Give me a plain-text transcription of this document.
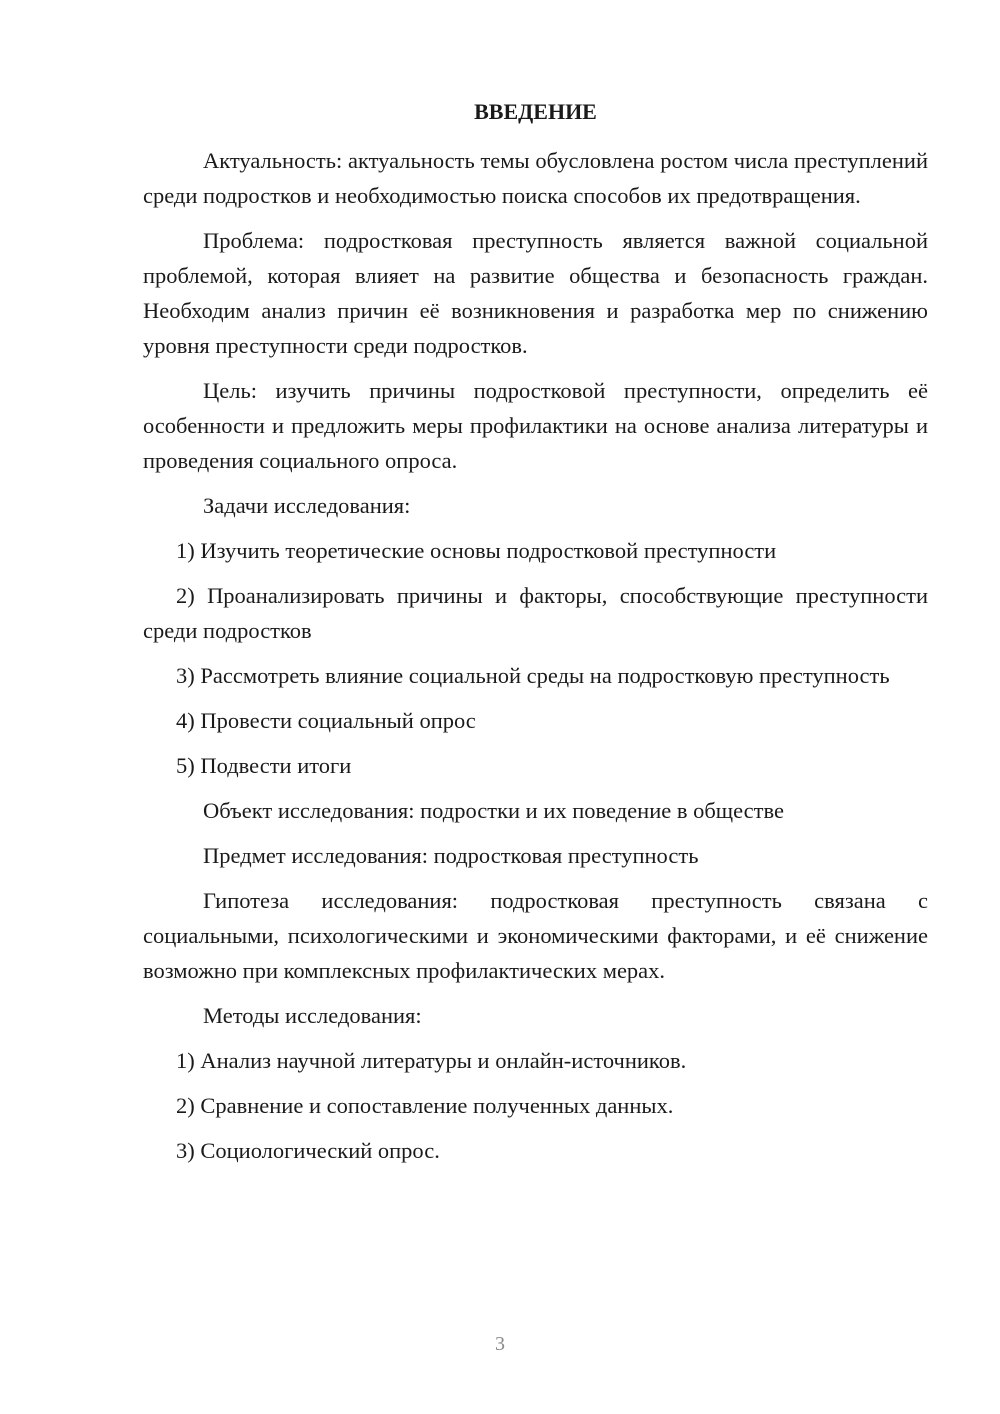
ВВЕДЕНИЕ

Актуальность: актуальность темы обусловлена ростом числа преступлений среди подростков и необходимостью поиска способов их предотвращения.

Проблема: подростковая преступность является важной социальной проблемой, которая влияет на развитие общества и безопасность граждан. Необходим анализ причин её возникновения и разработка мер по снижению уровня преступности среди подростков.

Цель: изучить причины подростковой преступности, определить её особенности и предложить меры профилактики на основе анализа литературы и проведения социального опроса.

Задачи исследования:

1) Изучить теоретические основы подростковой преступности

2) Проанализировать причины и факторы, способствующие преступности среди подростков

3) Рассмотреть влияние социальной среды на подростковую преступность

4) Провести социальный опрос

5) Подвести итоги

Объект исследования: подростки и их поведение в обществе

Предмет исследования: подростковая преступность

Гипотеза исследования: подростковая преступность связана с социальными, психологическими и экономическими факторами, и её снижение возможно при комплексных профилактических мерах.

Методы исследования:

1) Анализ научной литературы и онлайн-источников.

2) Сравнение и сопоставление полученных данных.

3) Социологический опрос.

3
